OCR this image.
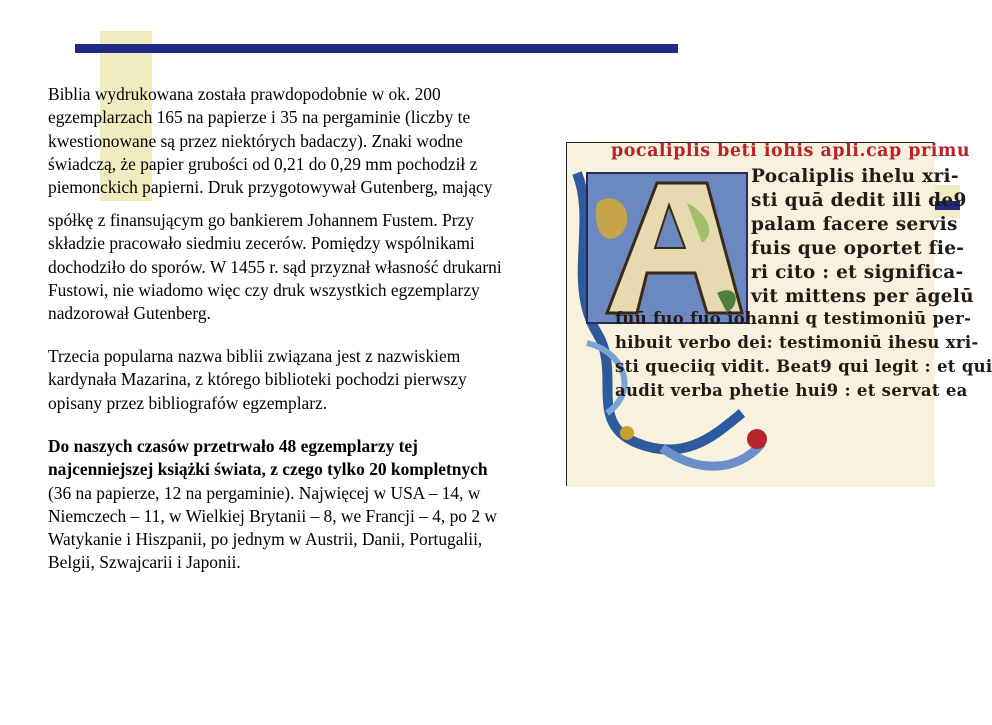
Biblia wydrukowana została prawdopodobnie w ok. 200
egzemplarzach 165 na papierze i 35 na pergaminie (liczby te
kwestionowane są przez niektórych badaczy). Znaki wodne
świadczą, że papier grubości od 0,21 do 0,29 mm pochodził z
piemonckich papierni. Druk przygotowywał Gutenberg, mający
spółkę z finansującym go bankierem Johannem Fustem. Przy
składzie pracowało siedmiu zecerów. Pomiędzy wspólnikami
dochodziło do sporów. W 1455 r. sąd przyznał własność drukarni
Fustowi, nie wiadomo więc czy druk wszystkich egzemplarzy
nadzorował Gutenberg.
Trzecia popularna nazwa biblii związana jest z nazwiskiem
kardynała Mazarina, z którego biblioteki pochodzi pierwszy
opisany przez bibliografów egzemplarz.
Do naszych czasów przetrwało 48 egzemplarzy tej
najcenniejszej książki świata, z czego tylko 20 kompletnych
(36 na papierze, 12 na pergaminie). Najwięcej w USA – 14, w
Niemczech – 11, w Wielkiej Brytanii – 8, we Francji – 4, po 2 w
Watykanie i Hiszpanii, po jednym w Austrii, Danii, Portugalii,
Belgii, Szwajcarii i Japonii.
pocaliplis beti iohis apli.cap primu
Pocaliplis ihelu xri-
sti quā dedit illi de9
palam facere servis
fuis que oportet fie-
ri cito : et significa-
vit mittens per āgelū
fuū fuo fuo iohanni q testimoniū per-
hibuit verbo dei: testimoniū ihesu xri-
sti queciiq vidit. Beat9 qui legit : et qui
audit verba phetie hui9 : et servat ea
